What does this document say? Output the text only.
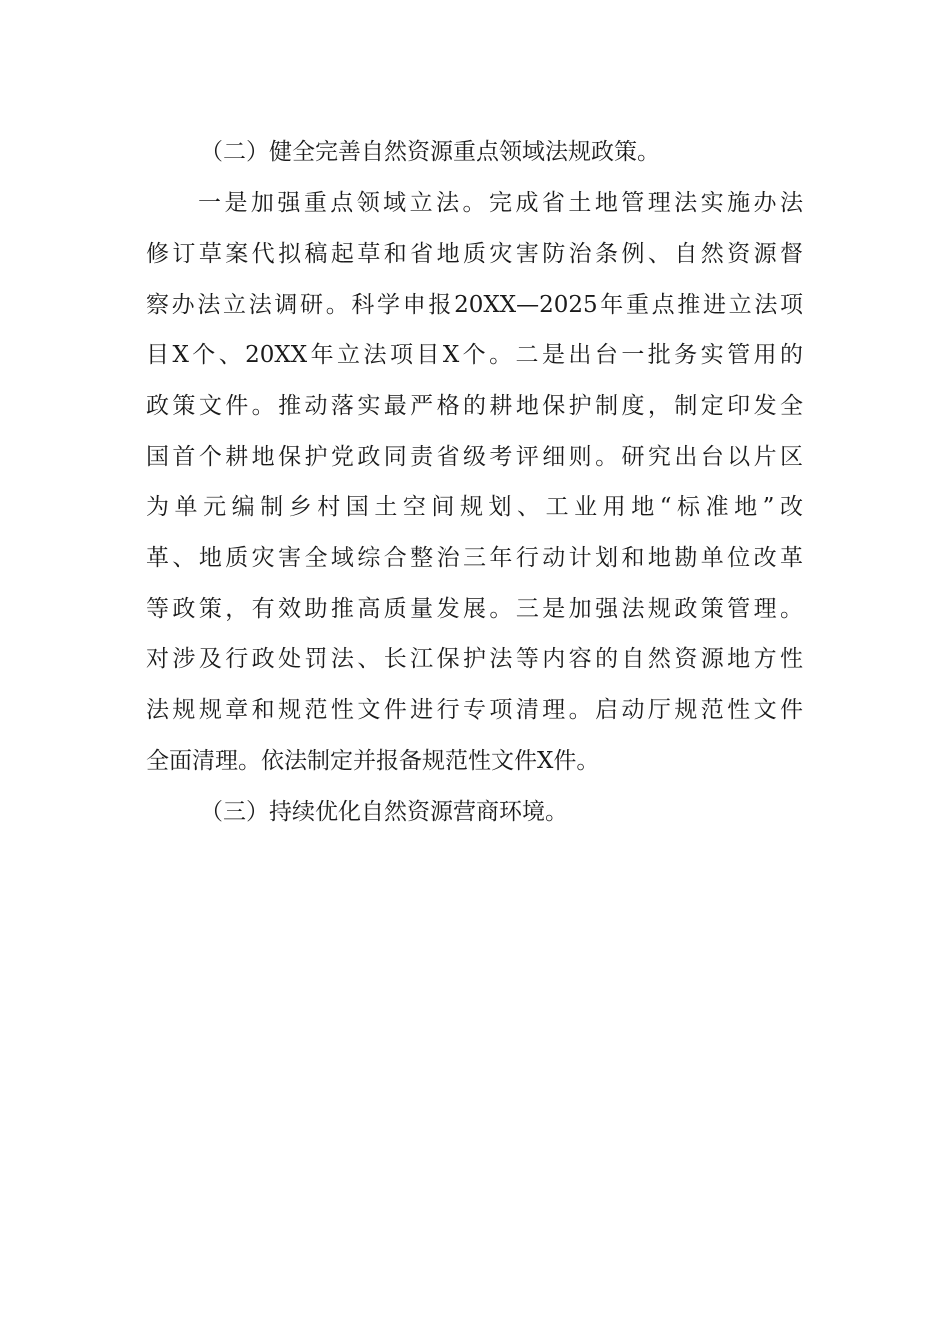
（二）健全完善自然资源重点领域法规政策。

一是加强重点领域立法。完成省土地管理法实施办法

修订草案代拟稿起草和省地质灾害防治条例、自然资源督

察办法立法调研。科学申报20XX—2025年重点推进立法项

目X个、20XX年立法项目X个。二是出台一批务实管用的

政策文件。推动落实最严格的耕地保护制度，制定印发全

国首个耕地保护党政同责省级考评细则。研究出台以片区

为单元编制乡村国土空间规划、工业用地“标准地”改

革、地质灾害全域综合整治三年行动计划和地勘单位改革

等政策，有效助推高质量发展。三是加强法规政策管理。

对涉及行政处罚法、长江保护法等内容的自然资源地方性

法规规章和规范性文件进行专项清理。启动厅规范性文件

全面清理。依法制定并报备规范性文件X件。

（三）持续优化自然资源营商环境。
